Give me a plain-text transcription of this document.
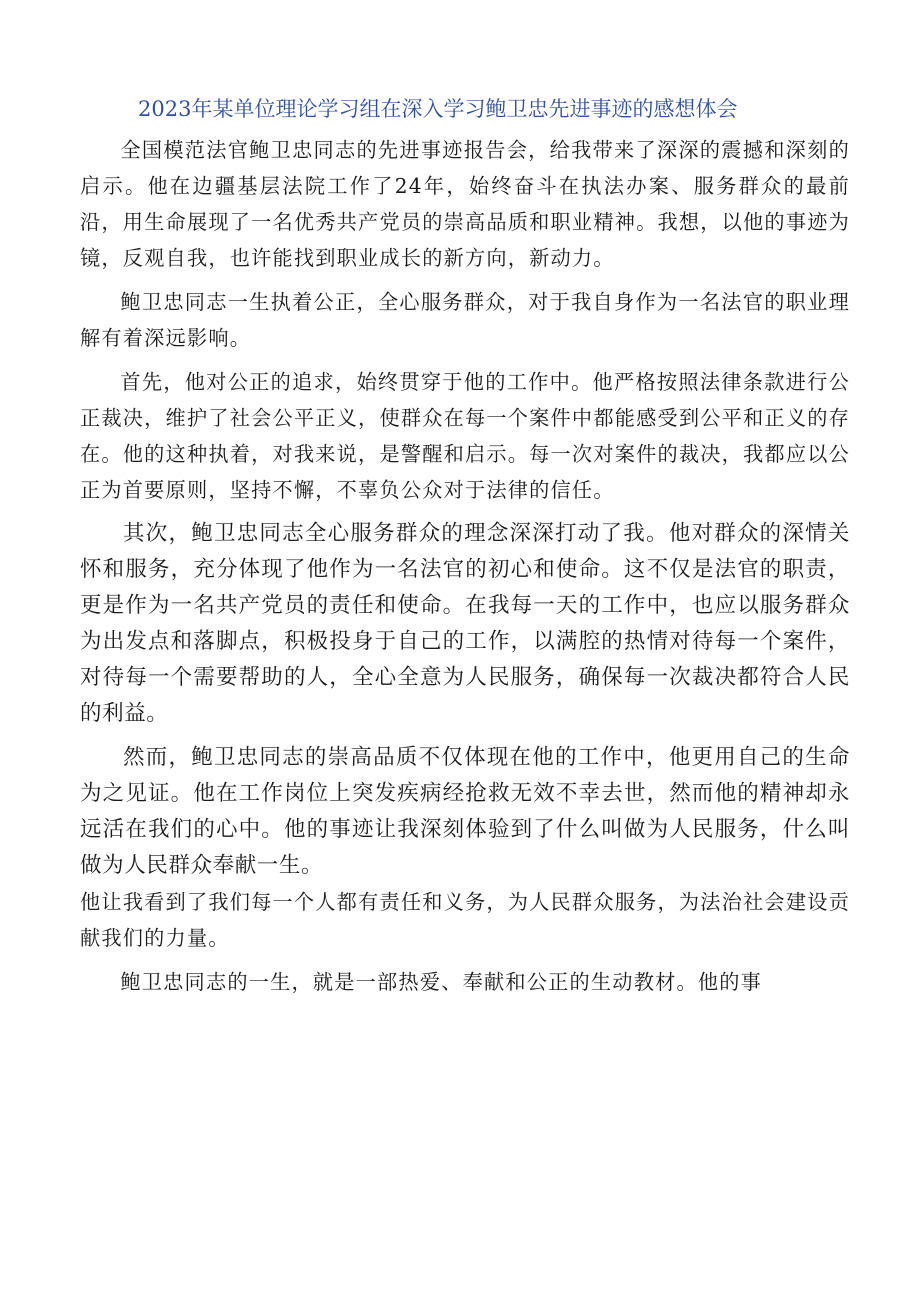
2023年某单位理论学习组在深入学习鲍卫忠先进事迹的感想体会

全国模范法官鲍卫忠同志的先进事迹报告会，给我带来了深深的震撼和深刻的启示。他在边疆基层法院工作了24年，始终奋斗在执法办案、服务群众的最前沿，用生命展现了一名优秀共产党员的崇高品质和职业精神。我想，以他的事迹为镜，反观自我，也许能找到职业成长的新方向，新动力。

鲍卫忠同志一生执着公正，全心服务群众，对于我自身作为一名法官的职业理解有着深远影响。

首先，他对公正的追求，始终贯穿于他的工作中。他严格按照法律条款进行公正裁决，维护了社会公平正义，使群众在每一个案件中都能感受到公平和正义的存在。他的这种执着，对我来说，是警醒和启示。每一次对案件的裁决，我都应以公正为首要原则，坚持不懈，不辜负公众对于法律的信任。

其次，鲍卫忠同志全心服务群众的理念深深打动了我。他对群众的深情关怀和服务，充分体现了他作为一名法官的初心和使命。这不仅是法官的职责，更是作为一名共产党员的责任和使命。在我每一天的工作中，也应以服务群众为出发点和落脚点，积极投身于自己的工作，以满腔的热情对待每一个案件，对待每一个需要帮助的人，全心全意为人民服务，确保每一次裁决都符合人民的利益。

然而，鲍卫忠同志的崇高品质不仅体现在他的工作中，他更用自己的生命为之见证。他在工作岗位上突发疾病经抢救无效不幸去世，然而他的精神却永远活在我们的心中。他的事迹让我深刻体验到了什么叫做为人民服务，什么叫做为人民群众奉献一生。

他让我看到了我们每一个人都有责任和义务，为人民群众服务，为法治社会建设贡献我们的力量。

鲍卫忠同志的一生，就是一部热爱、奉献和公正的生动教材。他的事
